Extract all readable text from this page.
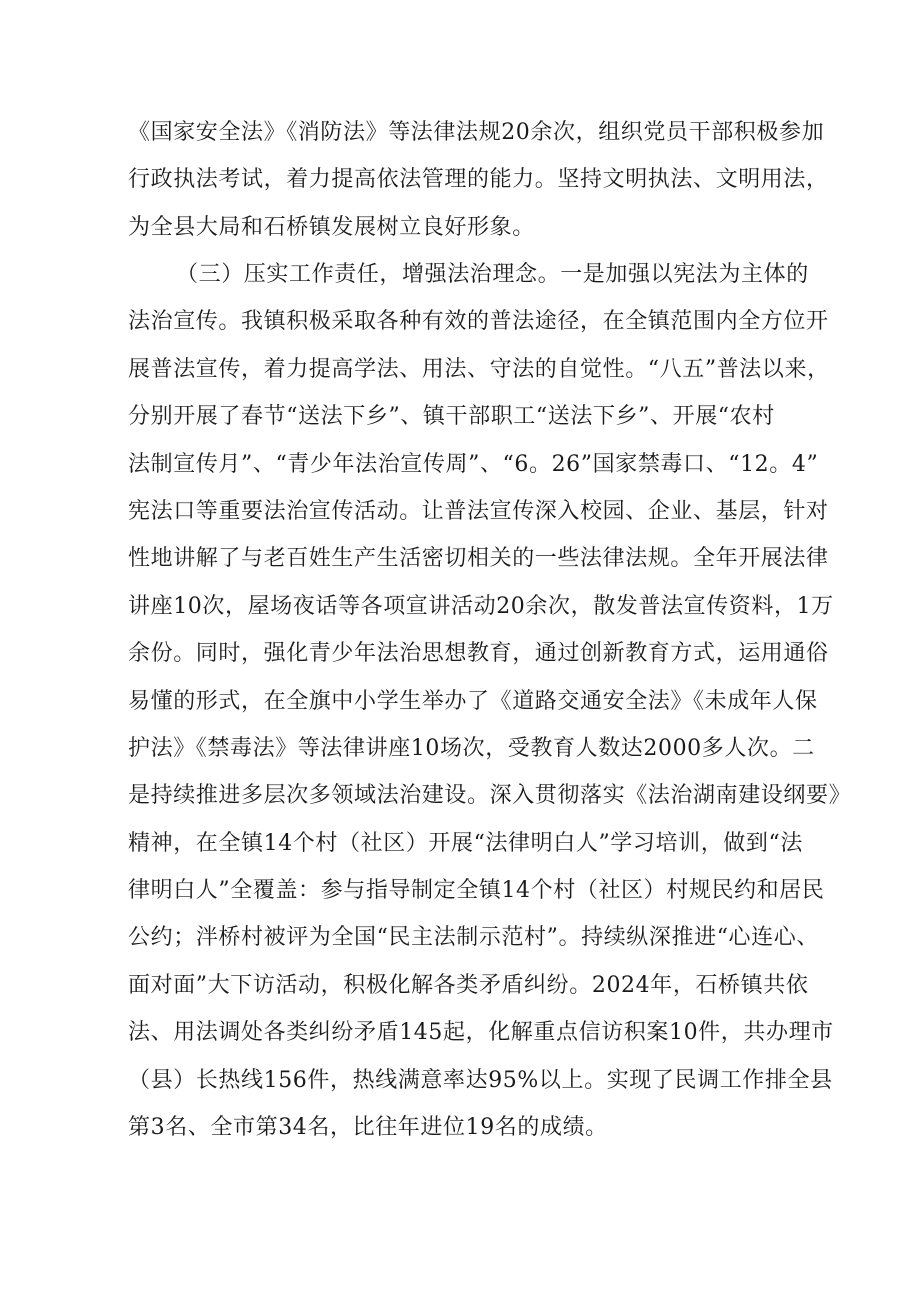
《国家安全法》《消防法》等法律法规20余次，组织党员干部积极参加
行政执法考试，着力提高依法管理的能力。坚持文明执法、文明用法，
为全县大局和石桥镇发展树立良好形象。
（三）压实工作责任，增强法治理念。一是加强以宪法为主体的
法治宣传。我镇积极采取各种有效的普法途径，在全镇范围内全方位开
展普法宣传，着力提高学法、用法、守法的自觉性。“八五”普法以来，
分别开展了春节“送法下乡”、镇干部职工“送法下乡”、开展“农村
法制宣传月”、“青少年法治宣传周”、“6。26”国家禁毒口、“12。4”
宪法口等重要法治宣传活动。让普法宣传深入校园、企业、基层，针对
性地讲解了与老百姓生产生活密切相关的一些法律法规。全年开展法律
讲座10次，屋场夜话等各项宣讲活动20余次，散发普法宣传资料，1万
余份。同时，强化青少年法治思想教育，通过创新教育方式，运用通俗
易懂的形式，在全旗中小学生举办了《道路交通安全法》《未成年人保
护法》《禁毒法》等法律讲座10场次，受教育人数达2000多人次。二
是持续推进多层次多领域法治建设。深入贯彻落实《法治湖南建设纲要》
精神，在全镇14个村（社区）开展“法律明白人”学习培训，做到“法
律明白人”全覆盖：参与指导制定全镇14个村（社区）村规民约和居民
公约；泮桥村被评为全国“民主法制示范村”。持续纵深推进“心连心、
面对面”大下访活动，积极化解各类矛盾纠纷。2024年，石桥镇共依
法、用法调处各类纠纷矛盾145起，化解重点信访积案10件，共办理市
（县）长热线156件，热线满意率达95%以上。实现了民调工作排全县
第3名、全市第34名，比往年进位19名的成绩。
